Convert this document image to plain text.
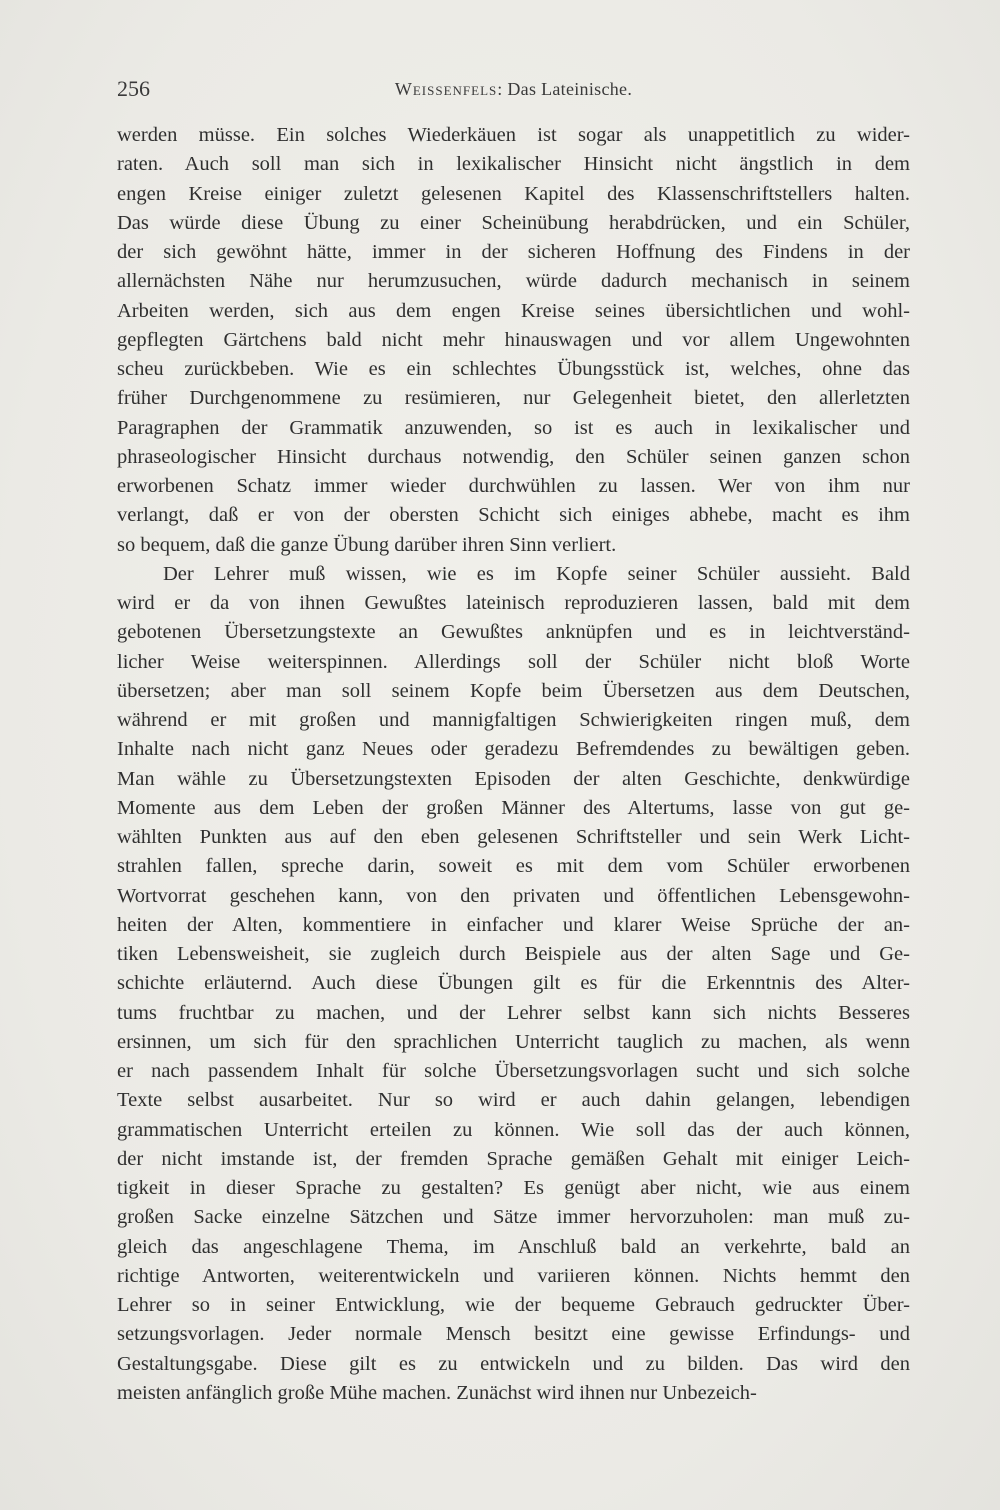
256	Weissenfels: Das Lateinische.
werden müsse. Ein solches Wiederkäuen ist sogar als unappetitlich zu wider-
raten. Auch soll man sich in lexikalischer Hinsicht nicht ängstlich in dem
engen Kreise einiger zuletzt gelesenen Kapitel des Klassenschriftstellers halten.
Das würde diese Übung zu einer Scheinübung herabdrücken, und ein Schüler,
der sich gewöhnt hätte, immer in der sicheren Hoffnung des Findens in der
allernächsten Nähe nur herumzusuchen, würde dadurch mechanisch in seinem
Arbeiten werden, sich aus dem engen Kreise seines übersichtlichen und wohl-
gepflegten Gärtchens bald nicht mehr hinauswagen und vor allem Ungewohnten
scheu zurückbeben. Wie es ein schlechtes Übungsstück ist, welches, ohne das
früher Durchgenommene zu resümieren, nur Gelegenheit bietet, den allerletzten
Paragraphen der Grammatik anzuwenden, so ist es auch in lexikalischer und
phraseologischer Hinsicht durchaus notwendig, den Schüler seinen ganzen schon
erworbenen Schatz immer wieder durchwühlen zu lassen. Wer von ihm nur
verlangt, daß er von der obersten Schicht sich einiges abhebe, macht es ihm
so bequem, daß die ganze Übung darüber ihren Sinn verliert.
Der Lehrer muß wissen, wie es im Kopfe seiner Schüler aussieht. Bald
wird er da von ihnen Gewußtes lateinisch reproduzieren lassen, bald mit dem
gebotenen Übersetzungstexte an Gewußtes anknüpfen und es in leichtverständ-
licher Weise weiterspinnen. Allerdings soll der Schüler nicht bloß Worte
übersetzen; aber man soll seinem Kopfe beim Übersetzen aus dem Deutschen,
während er mit großen und mannigfaltigen Schwierigkeiten ringen muß, dem
Inhalte nach nicht ganz Neues oder geradezu Befremdendes zu bewältigen geben.
Man wähle zu Übersetzungstexten Episoden der alten Geschichte, denkwürdige
Momente aus dem Leben der großen Männer des Altertums, lasse von gut ge-
wählten Punkten aus auf den eben gelesenen Schriftsteller und sein Werk Licht-
strahlen fallen, spreche darin, soweit es mit dem vom Schüler erworbenen
Wortvorrat geschehen kann, von den privaten und öffentlichen Lebensgewohn-
heiten der Alten, kommentiere in einfacher und klarer Weise Sprüche der an-
tiken Lebensweisheit, sie zugleich durch Beispiele aus der alten Sage und Ge-
schichte erläuternd. Auch diese Übungen gilt es für die Erkenntnis des Alter-
tums fruchtbar zu machen, und der Lehrer selbst kann sich nichts Besseres
ersinnen, um sich für den sprachlichen Unterricht tauglich zu machen, als wenn
er nach passendem Inhalt für solche Übersetzungsvorlagen sucht und sich solche
Texte selbst ausarbeitet. Nur so wird er auch dahin gelangen, lebendigen
grammatischen Unterricht erteilen zu können. Wie soll das der auch können,
der nicht imstande ist, der fremden Sprache gemäßen Gehalt mit einiger Leich-
tigkeit in dieser Sprache zu gestalten? Es genügt aber nicht, wie aus einem
großen Sacke einzelne Sätzchen und Sätze immer hervorzuholen: man muß zu-
gleich das angeschlagene Thema, im Anschluß bald an verkehrte, bald an
richtige Antworten, weiterentwickeln und variieren können. Nichts hemmt den
Lehrer so in seiner Entwicklung, wie der bequeme Gebrauch gedruckter Über-
setzungsvorlagen. Jeder normale Mensch besitzt eine gewisse Erfindungs- und
Gestaltungsgabe. Diese gilt es zu entwickeln und zu bilden. Das wird den
meisten anfänglich große Mühe machen. Zunächst wird ihnen nur Unbezeich-
